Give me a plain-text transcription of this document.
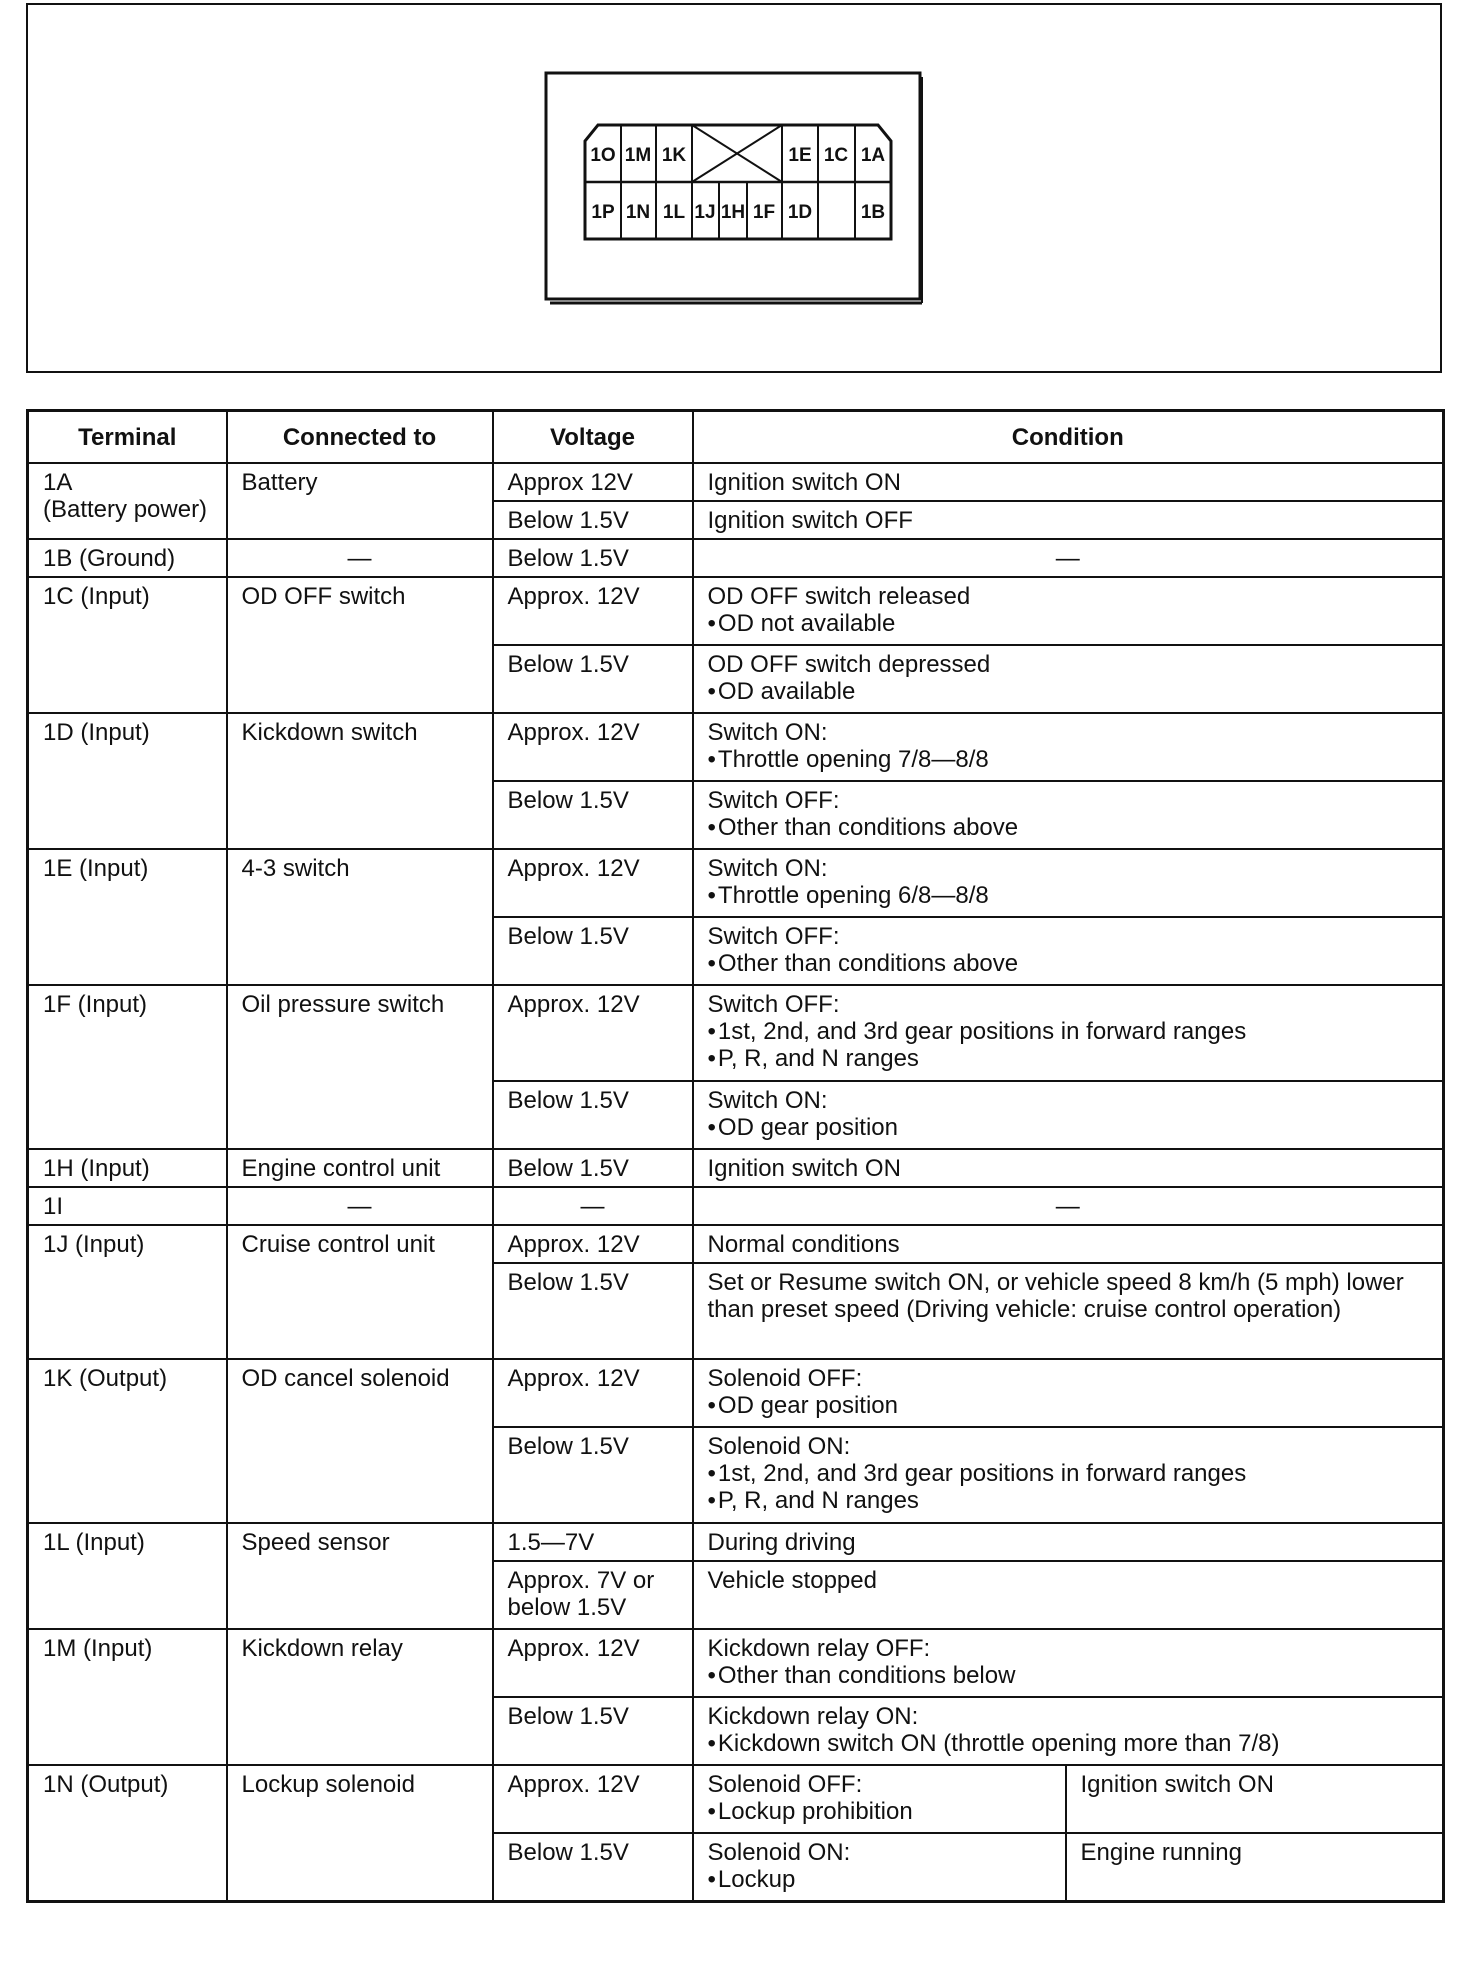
1O 1M 1K	1E 1C 1A
1P 1N 1L 1J 1H 1F 1D	1B
Terminal	Connected to	Voltage	Condition	

1A
(Battery power)	Battery	Approx 12V	Ignition switch ON	
		Below 1.5V	Ignition switch OFF	
1B (Ground)	—	Below 1.5V	—	
1C (Input)	OD OFF switch	Approx. 12V	OD OFF switch released
• OD not available

		Below 1.5V	OD OFF switch depressed
• OD available

1D (Input)	Kickdown switch	Approx. 12V	Switch ON:
• Throttle opening 7/8—8/8

		Below 1.5V	Switch OFF:
• Other than conditions above

1E (Input)	4-3 switch	Approx. 12V	Switch ON:
• Throttle opening 6/8—8/8

		Below 1.5V	Switch OFF:
• Other than conditions above

1F (Input)	Oil pressure switch	Approx. 12V	Switch OFF:
• 1st, 2nd, and 3rd gear positions in forward ranges
• P, R, and N ranges

		Below 1.5V	Switch ON:
• OD gear position

1H (Input)	Engine control unit	Below 1.5V	Ignition switch ON	
1I	—	—	—	
1J (Input)	Cruise control unit	Approx. 12V	Normal conditions	
		Below 1.5V	Set or Resume switch ON, or vehicle speed 8 km/h (5 mph) lower than preset speed (Driving vehicle: cruise control operation)	
1K (Output)	OD cancel solenoid	Approx. 12V	Solenoid OFF:
• OD gear position

		Below 1.5V	Solenoid ON:
• 1st, 2nd, and 3rd gear positions in forward ranges
• P, R, and N ranges

1L (Input)	Speed sensor	1.5—7V	During driving	
		Approx. 7V or below 1.5V	Vehicle stopped	
1M (Input)	Kickdown relay	Approx. 12V	Kickdown relay OFF:
• Other than conditions below

		Below 1.5V	Kickdown relay ON:
• Kickdown switch ON (throttle opening more than 7/8)

1N (Output)	Lockup solenoid	Approx. 12V	Solenoid OFF:
• Lockup prohibition	Ignition switch ON
		Below 1.5V	Solenoid ON:
• Lockup	Engine running
